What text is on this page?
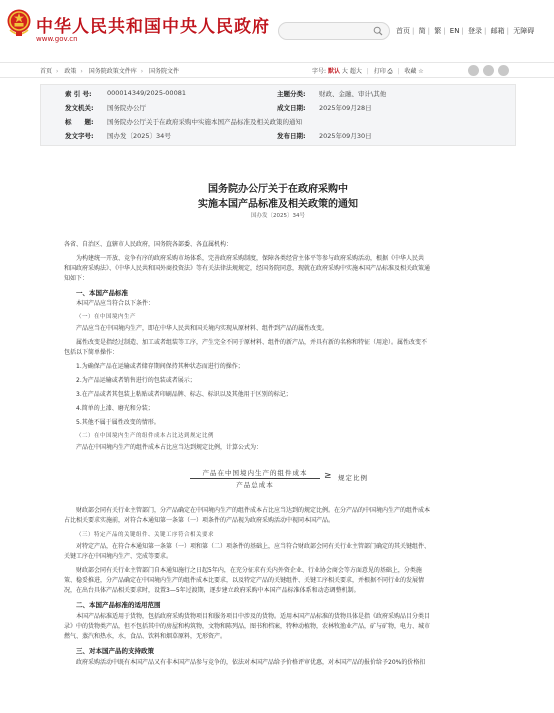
中华人民共和国中央人民政府
www.gov.cn
首页 | 简 | 繁 | EN | 登录 | 邮箱 | 无障碍
首页 › 政策 › 国务院政策文件库 › 国务院文件	字号: 默认 大 超大 | 打印 ⎙ | 收藏 ☆
索 引 号: 000014349/2025-00081	主题分类: 财政、金融、审计\其他
发文机关: 国务院办公厅	成文日期: 2025年09月28日
标　　题: 国务院办公厅关于在政府采购中实施本国产品标准及相关政策的通知
发文字号: 国办发〔2025〕34号	发布日期: 2025年09月30日
国务院办公厅关于在政府采购中
实施本国产品标准及相关政策的通知
国办发〔2025〕34号
各省、自治区、直辖市人民政府，国务院各部委、各直属机构：
为构建统一开放、竞争有序的政府采购市场体系，完善政府采购制度，保障各类经营主体平等参与政府采购活动，根据《中华人民共
和国政府采购法》、《中华人民共和国外商投资法》等有关法律法规规定，经国务院同意，现就在政府采购中实施本国产品标准及相关政策通
知如下：
一、本国产品标准
本国产品应当符合以下条件：
（一）在中国境内生产
产品应当在中国境内生产，即在中华人民共和国关境内实现从原材料、组件到产品的属性改变。
属性改变是指经过制造、加工或者组装等工序，产生完全不同于原材料、组件的新产品，并具有新的名称和特征（用途）。属性改变不
包括以下简单操作：
1.为确保产品在运输或者储存期间保持其种状态而进行的操作；
2.为产品运输或者销售进行的包装或者展示；
3.在产品或者其包装上粘贴或者印刷品牌、标志、标识以及其他用于区别的标记；
4.简单的上漆、磨光和分装；
5.其他不属于属性改变的情形。
（二）在中国境内生产的组件成本占比达到规定比例
产品在中国境内生产的组件成本占比应当达到规定比例，计算公式为：
产品在中国境内生产的组件成本
产品总成本
≥ 规定比例
财政部会同有关行业主管部门，分产品确定在中国境内生产的组件成本占比应当达到的规定比例。在分产品的中国境内生产的组件成本
占比相关要求实施前，对符合本通知第一条第（一）项条件的产品视为政府采购活动中视同本国产品。
（三）特定产品的关键组件、关键工序符合相关要求
对特定产品，在符合本通知第一条第（一）项和第（二）项条件的基础上，应当符合财政部会同有关行业主管部门确定的其关键组件、
关键工序在中国境内生产、完成等要求。
财政部会同有关行业主管部门自本通知施行之日起5年内，在充分征求有关内外资企业、行业协会商会等方面意见的基础上，分类施
策、稳妥推进，分产品确定在中国境内生产的组件成本比要求，以及特定产品的关键组件、关键工序相关要求，并根据不同行业的发展情
况，在出台具体产品相关要求时，设置3—5年过渡期，逐步建立政府采购中本国产品标准体系和动态调整机制。
二、本国产品标准的适用范围
本国产品标准适用于货物，包括政府采购货物项目和服务项目中涉及的货物。适用本国产品标准的货物具体是指《政府采购品目分类目
录》中的货物类产品，但不包括其中的房屋和构筑物，文物和陈列品，图书和档案，特种动植物，农林牧渔业产品，矿与矿物，电力、城市
燃气、蒸汽和热水，水，食品、饮料和烟草原料，无形资产。
三、对本国产品的支持政策
政府采购活动中既有本国产品又有非本国产品参与竞争的，依法对本国产品给予价格评审优惠，对本国产品的报价给予20%的价格扣
